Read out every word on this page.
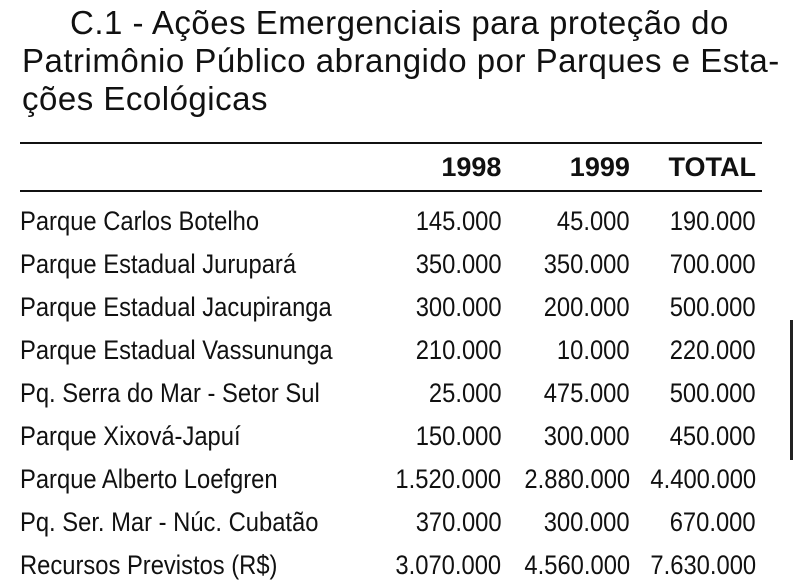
C.1 - Ações Emergenciais para proteção do
Patrimônio Público abrangido por Parques e Esta-
ções Ecológicas
	1998	1999	TOTAL
Parque Carlos Botelho	145.000	45.000	190.000
Parque Estadual Jurupará	350.000	350.000	700.000
Parque Estadual Jacupiranga	300.000	200.000	500.000
Parque Estadual Vassununga	210.000	10.000	220.000
Pq. Serra do Mar - Setor Sul	25.000	475.000	500.000
Parque Xixová-Japuí	150.000	300.000	450.000
Parque Alberto Loefgren	1.520.000	2.880.000	4.400.000
Pq. Ser. Mar - Núc. Cubatão	370.000	300.000	670.000
Recursos Previstos (R$)	3.070.000	4.560.000	7.630.000
